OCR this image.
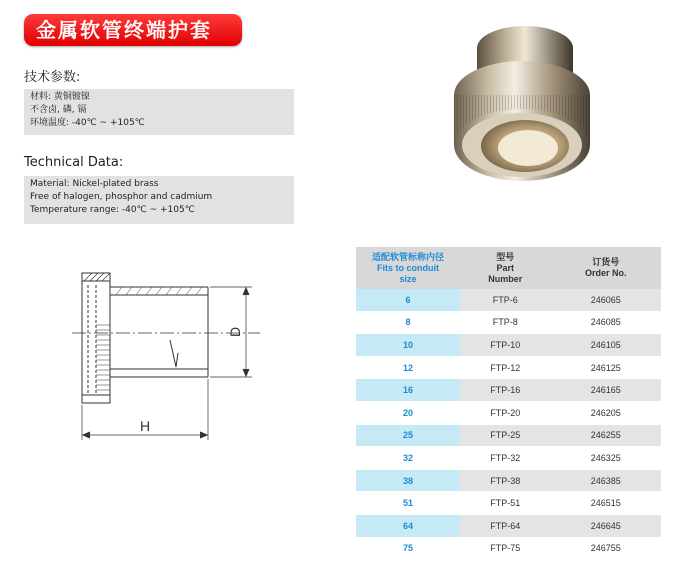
金属软管终端护套
技术参数:
材料: 黄铜镀镍
不含卤, 磷, 镉
环境温度: -40℃ ~ +105℃
Technical Data:
Material: Nickel-plated brass
Free of halogen, phosphor and cadmium
Temperature range: -40℃ ~ +105℃
D
H
适配软管标称内径
Fits to conduit
size	型号
Part
Number	订货号
Order No.

6	FTP-6	246065
8	FTP-8	246085
10	FTP-10	246105
12	FTP-12	246125
16	FTP-16	246165
20	FTP-20	246205
25	FTP-25	246255
32	FTP-32	246325
38	FTP-38	246385
51	FTP-51	246515
64	FTP-64	246645
75	FTP-75	246755
